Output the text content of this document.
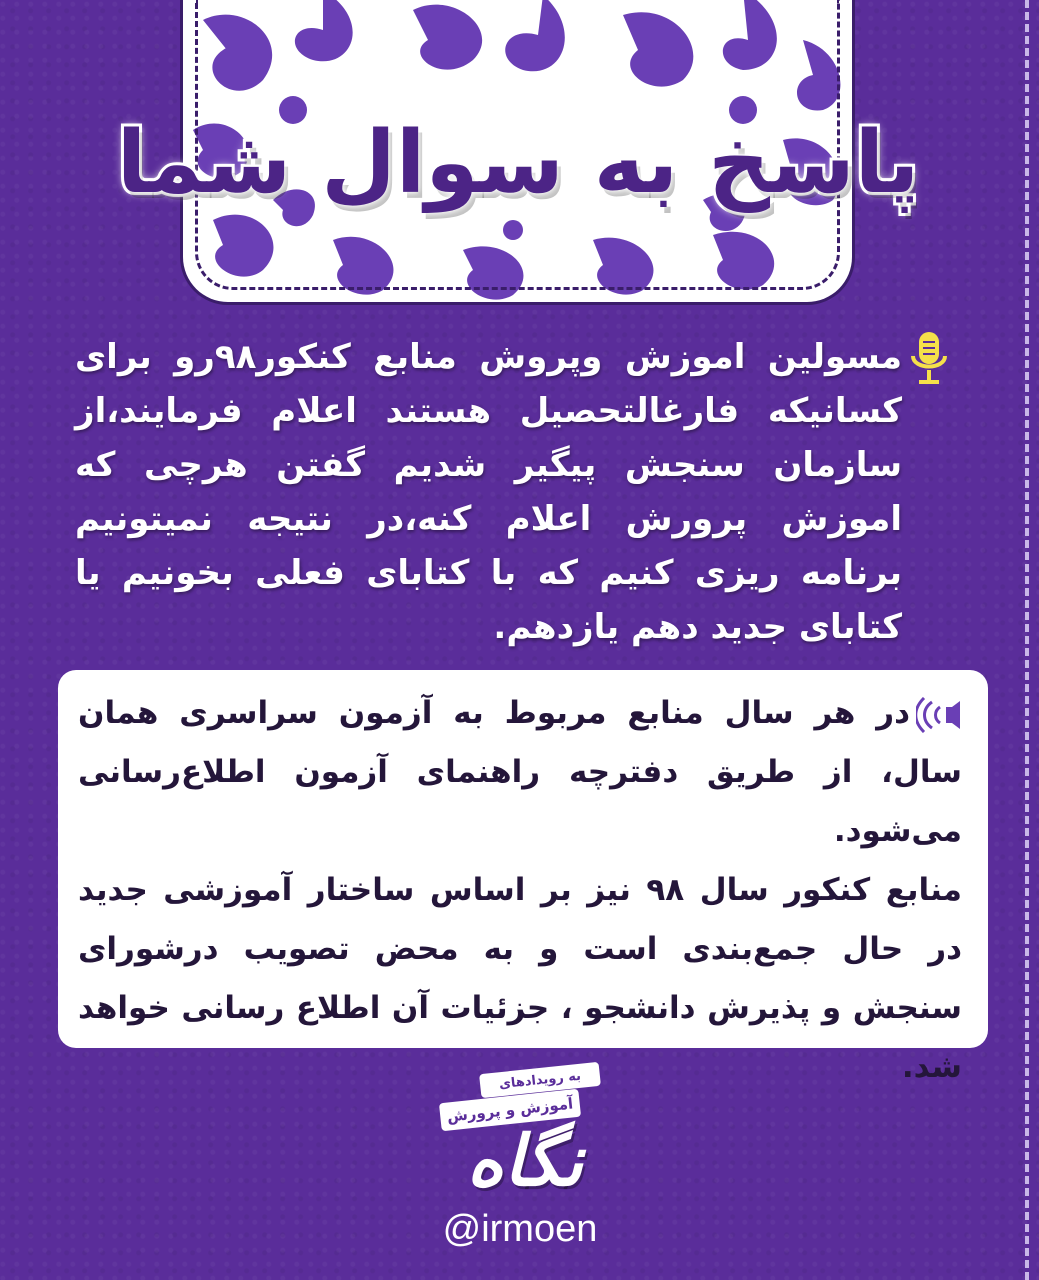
پاسخ به سوال شما
مسولین اموزش وپروش منابع کنکور۹۸رو برای کسانیکه فارغالتحصیل هستند اعلام فرمایند،از سازمان سنجش پیگیر شدیم گفتن هرچی که اموزش پرورش اعلام کنه،در نتیجه نمیتونیم برنامه ریزی کنیم که با کتابای فعلی بخونیم یا کتابای جدید دهم یازدهم.

در هر سال منابع مربوط به آزمون سراسری همان سال، از طریق دفترچه راهنمای آزمون اطلاع‌رسانی می‌شود.

منابع کنکور سال ۹۸ نیز بر اساس ساختار آموزشی جدید در حال جمع‌بندی است و به محض تصویب درشورای سنجش و پذیرش دانشجو ، جزئیات آن اطلاع رسانی خواهد شد.

به رویدادهای
آموزش و پرورش
نگاه
@irmoen
